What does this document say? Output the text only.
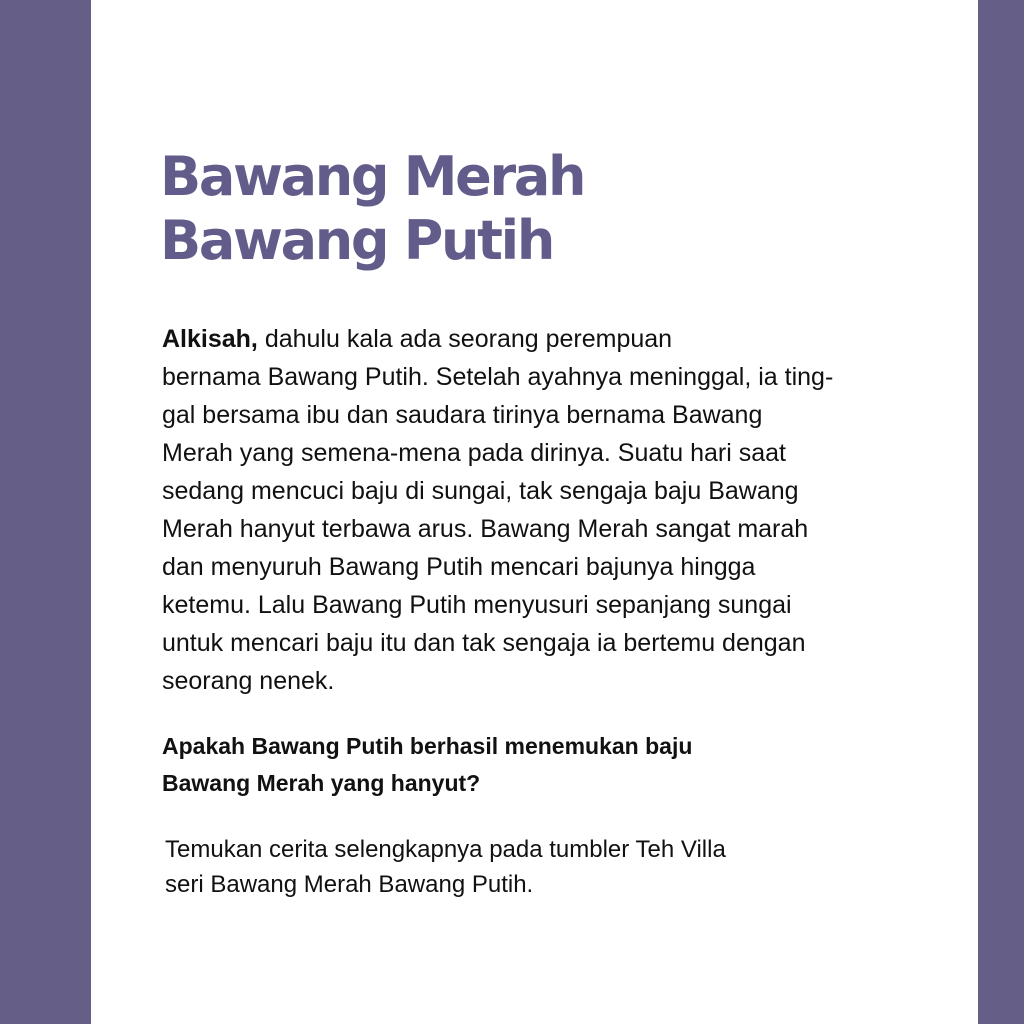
Bawang Merah
Bawang Putih

Alkisah, dahulu kala ada seorang perempuan
bernama Bawang Putih. Setelah ayahnya meninggal, ia ting-
gal bersama ibu dan saudara tirinya bernama Bawang
Merah yang semena-mena pada dirinya. Suatu hari saat
sedang mencuci baju di sungai, tak sengaja baju Bawang
Merah hanyut terbawa arus. Bawang Merah sangat marah
dan menyuruh Bawang Putih mencari bajunya hingga
ketemu. Lalu Bawang Putih menyusuri sepanjang sungai
untuk mencari baju itu dan tak sengaja ia bertemu dengan
seorang nenek.

Apakah Bawang Putih berhasil menemukan baju
Bawang Merah yang hanyut?

Temukan cerita selengkapnya pada tumbler Teh Villa
seri Bawang Merah Bawang Putih.
